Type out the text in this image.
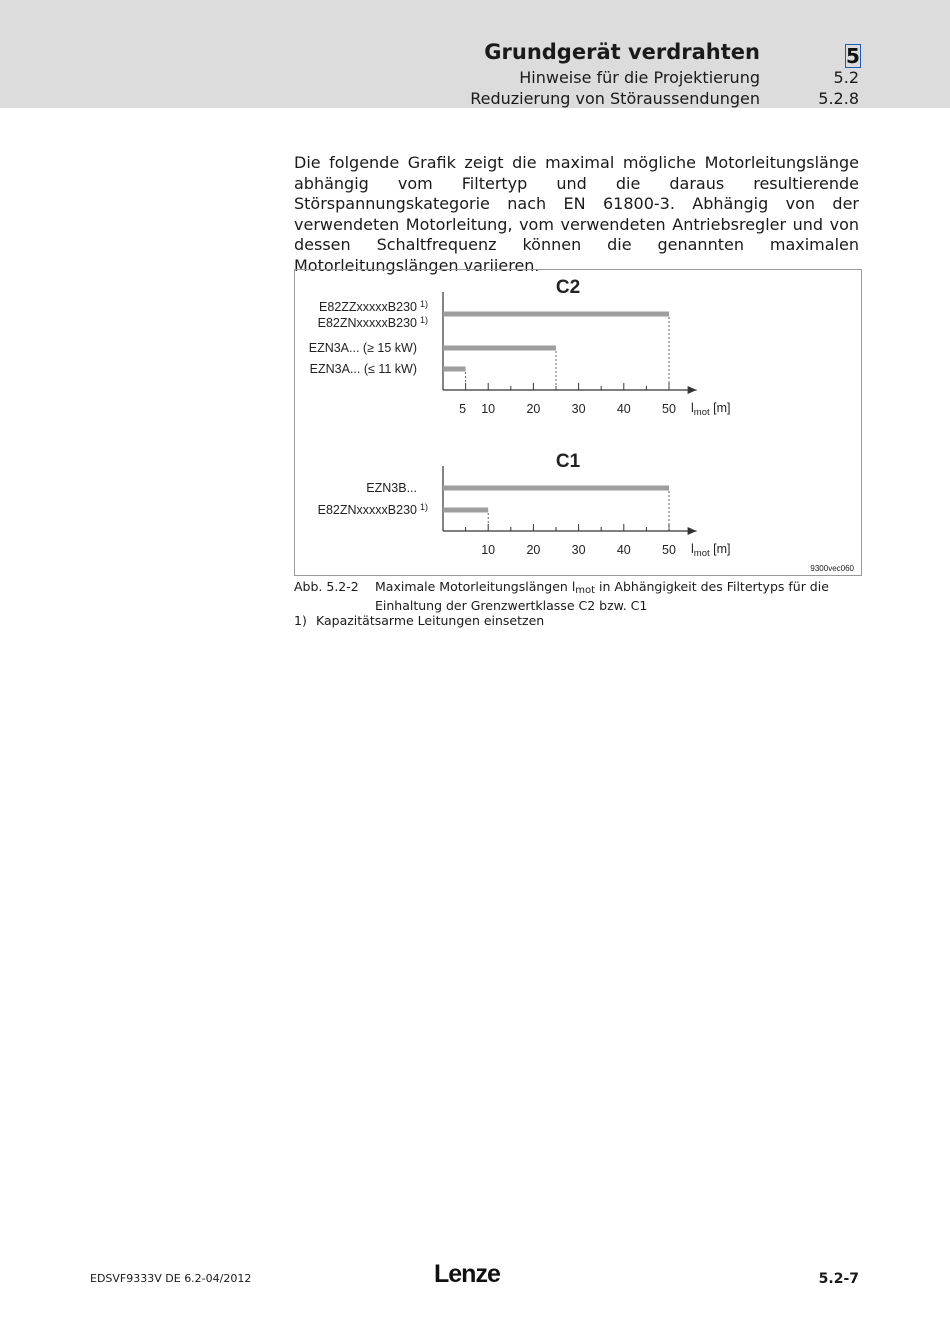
Grundgerät verdrahten	5
Hinweise für die Projektierung	5.2
Reduzierung von Störaussendungen	5.2.8
Die folgende Grafik zeigt die maximal mögliche Motorleitungslänge abhängig vom Filtertyp und die daraus resultierende Störspannungskategorie nach EN 61800-3. Abhängig von der verwendeten Motorleitung, vom verwendeten Antriebsregler und von dessen Schaltfrequenz können die genannten maximalen Motorleitungslängen variieren.
C2
5 10	20	30	40	50 $l_{mot}$ [m]
E82ZZxxxxxB230 1)
E82ZNxxxxxB230 1)
EZN3A... (≥ 15 kW)
EZN3A... (≤ 11 kW)
C1
10	20	30	40	50 $l_{mot}$ [m]
EZN3B...
E82ZNxxxxxB230 1)
9300vec060
Abb. 5.2-2 Maximale Motorleitungslängen $l_{mot}$ in Abhängigkeit des Filtertyps für die Einhaltung der Grenzwertklasse C2 bzw. C1
1) Kapazitätsarme Leitungen einsetzen
EDSVF9333V DE 6.2-04/2012	Lenze	5.2-7
